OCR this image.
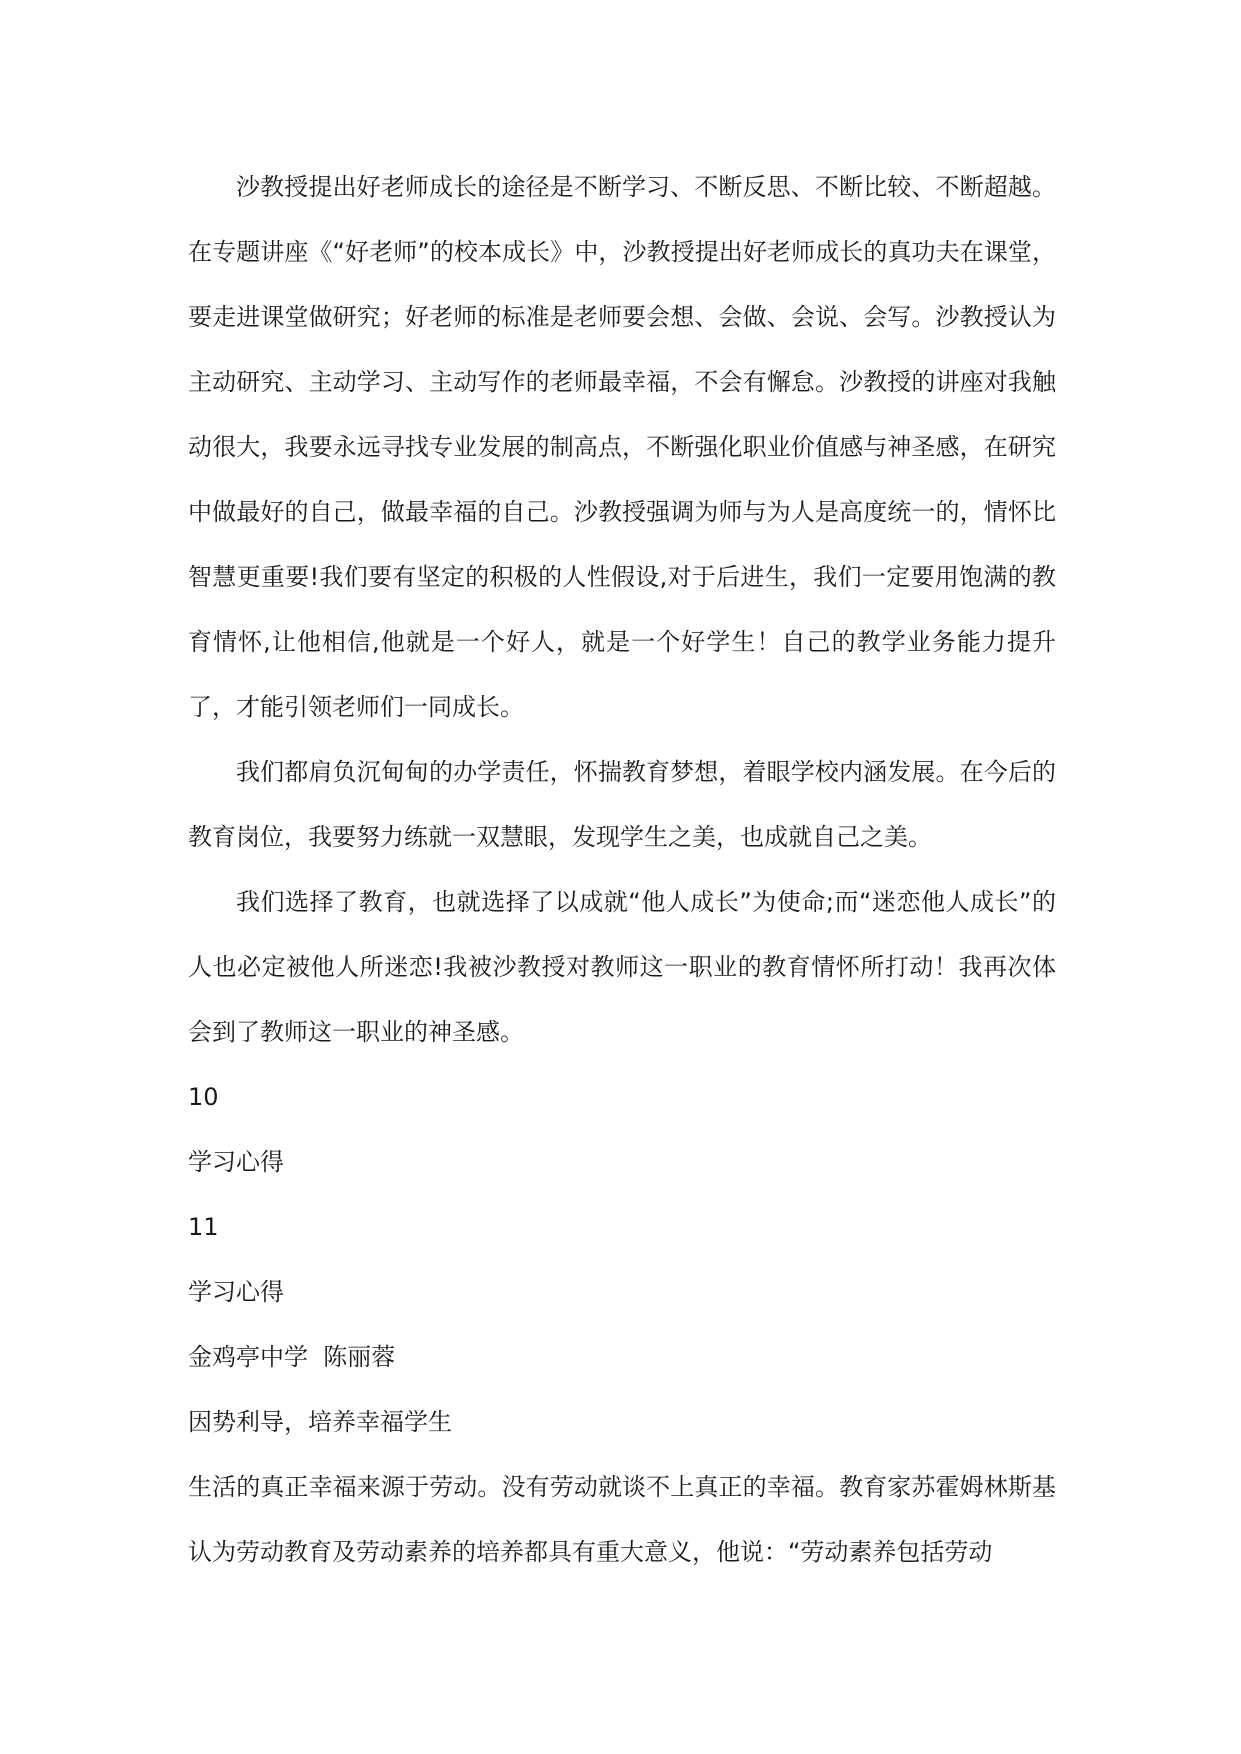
沙教授提出好老师成长的途径是不断学习、不断反思、不断比较、不断超越。在专题讲座《“好老师”的校本成长》中，沙教授提出好老师成长的真功夫在课堂，要走进课堂做研究；好老师的标准是老师要会想、会做、会说、会写。沙教授认为主动研究、主动学习、主动写作的老师最幸福，不会有懈怠。沙教授的讲座对我触动很大，我要永远寻找专业发展的制高点，不断强化职业价值感与神圣感，在研究中做最好的自己，做最幸福的自己。沙教授强调为师与为人是高度统一的，情怀比智慧更重要!我们要有坚定的积极的人性假设,对于后进生，我们一定要用饱满的教育情怀,让他相信,他就是一个好人，就是一个好学生！自己的教学业务能力提升了，才能引领老师们一同成长。

我们都肩负沉甸甸的办学责任，怀揣教育梦想，着眼学校内涵发展。在今后的教育岗位，我要努力练就一双慧眼，发现学生之美，也成就自己之美。

我们选择了教育，也就选择了以成就“他人成长”为使命;而“迷恋他人成长”的人也必定被他人所迷恋!我被沙教授对教师这一职业的教育情怀所打动！我再次体会到了教师这一职业的神圣感。

10

学习心得

11

学习心得

金鸡亭中学  陈丽蓉

因势利导，培养幸福学生

生活的真正幸福来源于劳动。没有劳动就谈不上真正的幸福。教育家苏霍姆林斯基认为劳动教育及劳动素养的培养都具有重大意义，他说：“劳动素养包括劳动
